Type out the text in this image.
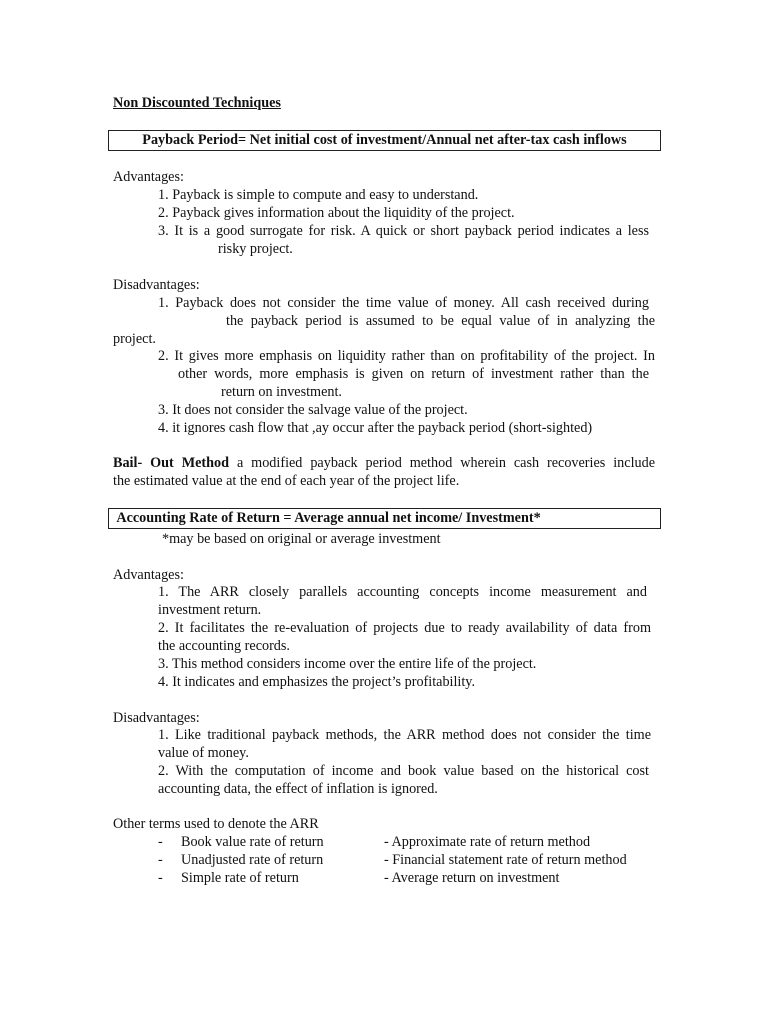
Non Discounted Techniques
Payback Period= Net initial cost of investment/Annual net after-tax cash inflows
Advantages:
1. Payback is simple to compute and easy to understand.
2. Payback gives information about the liquidity of the project.
3. It is a good surrogate for risk. A quick or short payback period indicates a less
risky project.
Disadvantages:
1. Payback does not consider the time value of money. All cash received during
the payback period is assumed to be equal value of in analyzing the
project.
2. It gives more emphasis on liquidity rather than on profitability of the project. In
other words, more emphasis is given on return of investment rather than the
return on investment.
3. It does not consider the salvage value of the project.
4. it ignores cash flow that ,ay occur after the payback period (short-sighted)
Bail- Out Method a modified payback period method wherein cash recoveries include
the estimated value at the end of each year of the project life.
Accounting Rate of Return = Average annual net income/ Investment*
*may be based on original or average investment
Advantages:
1. The ARR closely parallels accounting concepts income measurement and
investment return.
2. It facilitates the re-evaluation of projects due to ready availability of data from
the accounting records.
3. This method considers income over the entire life of the project.
4. It indicates and emphasizes the project’s profitability.
Disadvantages:
1. Like traditional payback methods, the ARR method does not consider the time
value of money.
2. With the computation of income and book value based on the historical cost
accounting data, the effect of inflation is ignored.
Other terms used to denote the ARR
- Book value rate of return	- Approximate rate of return method
- Unadjusted rate of return	- Financial statement rate of return method
- Simple rate of return	- Average return on investment
